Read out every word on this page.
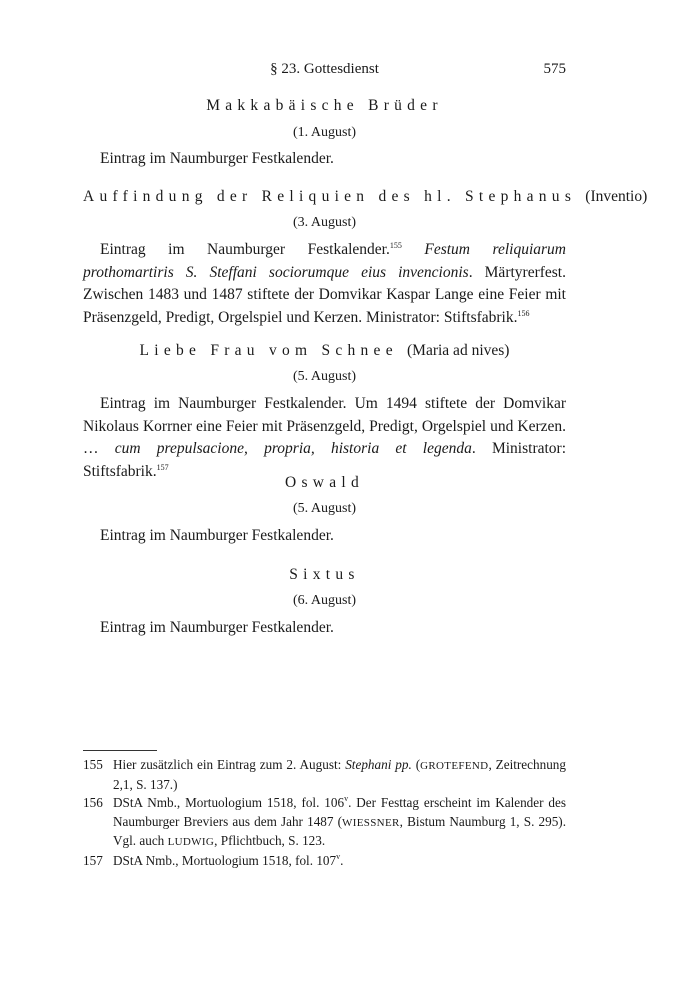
§ 23. Gottesdienst	575
Makkabäische Brüder
(1. August)

Eintrag im Naumburger Festkalender.

Auffindung der Reliquien des hl. Stephanus (Inventio)
(3. August)

Eintrag im Naumburger Festkalender.$^{155}$ Festum reliquiarum prothomartiris S. Steffani sociorumque eius invencionis. Märtyrerfest. Zwischen 1483 und 1487 stiftete der Domvikar Kaspar Lange eine Feier mit Präsenzgeld, Predigt, Orgelspiel und Kerzen. Ministrator: Stiftsfabrik.$^{156}$

Liebe Frau vom Schnee (Maria ad nives)
(5. August)

Eintrag im Naumburger Festkalender. Um 1494 stiftete der Domvikar Nikolaus Korrner eine Feier mit Präsenzgeld, Predigt, Orgelspiel und Kerzen. … cum prepulsacione, propria, historia et legenda. Ministrator: Stiftsfabrik.$^{157}$

Oswald
(5. August)

Eintrag im Naumburger Festkalender.

Sixtus
(6. August)

Eintrag im Naumburger Festkalender.

155 Hier zusätzlich ein Eintrag zum 2. August: Stephani pp. (GROTEFEND, Zeitrechnung 2,1, S. 137.)
156 DStA Nmb., Mortuologium 1518, fol. 106$^v$. Der Festtag erscheint im Kalender des Naumburger Breviers aus dem Jahr 1487 (WIESSNER, Bistum Naumburg 1, S. 295). Vgl. auch LUDWIG, Pflichtbuch, S. 123.
157 DStA Nmb., Mortuologium 1518, fol. 107$^v$.
